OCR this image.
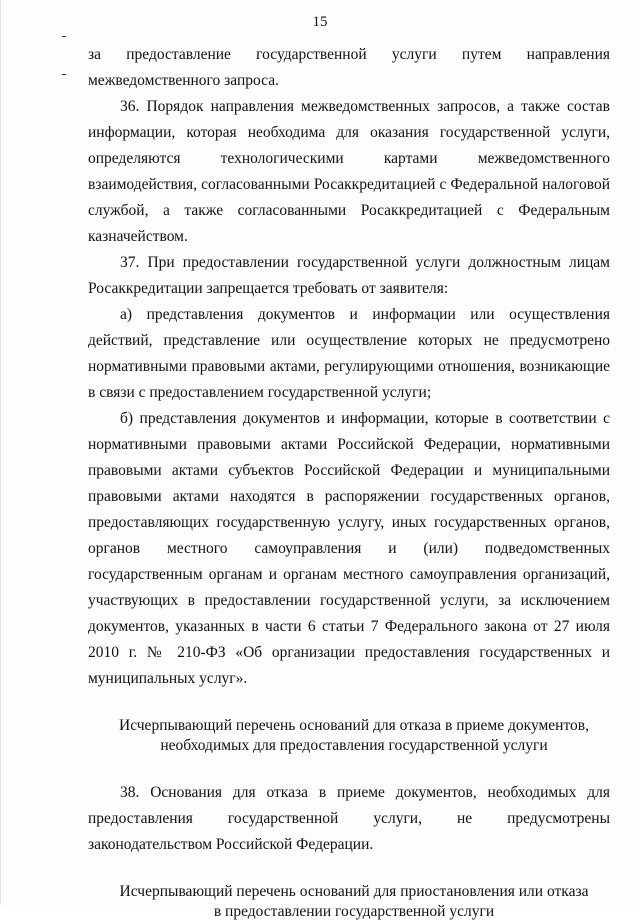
15

за предоставление государственной услуги путем направления межведомственного запроса.

36. Порядок направления межведомственных запросов, а также состав информации, которая необходима для оказания государственной услуги, определяются технологическими картами межведомственного взаимодействия, согласованными Росаккредитацией с Федеральной налоговой службой, а также согласованными Росаккредитацией с Федеральным казначейством.

37. При предоставлении государственной услуги должностным лицам Росаккредитации запрещается требовать от заявителя:

а) представления документов и информации или осуществления действий, представление или осуществление которых не предусмотрено нормативными правовыми актами, регулирующими отношения, возникающие в связи с предоставлением государственной услуги;

б) представления документов и информации, которые в соответствии с нормативными правовыми актами Российской Федерации, нормативными правовыми актами субъектов Российской Федерации и муниципальными правовыми актами находятся в распоряжении государственных органов, предоставляющих государственную услугу, иных государственных органов, органов местного самоуправления и (или) подведомственных государственным органам и органам местного самоуправления организаций, участвующих в предоставлении государственной услуги, за исключением документов, указанных в части 6 статьи 7 Федерального закона от 27 июля 2010 г. № 210-ФЗ «Об организации предоставления государственных и муниципальных услуг».

Исчерпывающий перечень оснований для отказа в приеме документов,
необходимых для предоставления государственной услуги

38. Основания для отказа в приеме документов, необходимых для предоставления государственной услуги, не предусмотрены законодательством Российской Федерации.

Исчерпывающий перечень оснований для приостановления или отказа
в предоставлении государственной услуги
